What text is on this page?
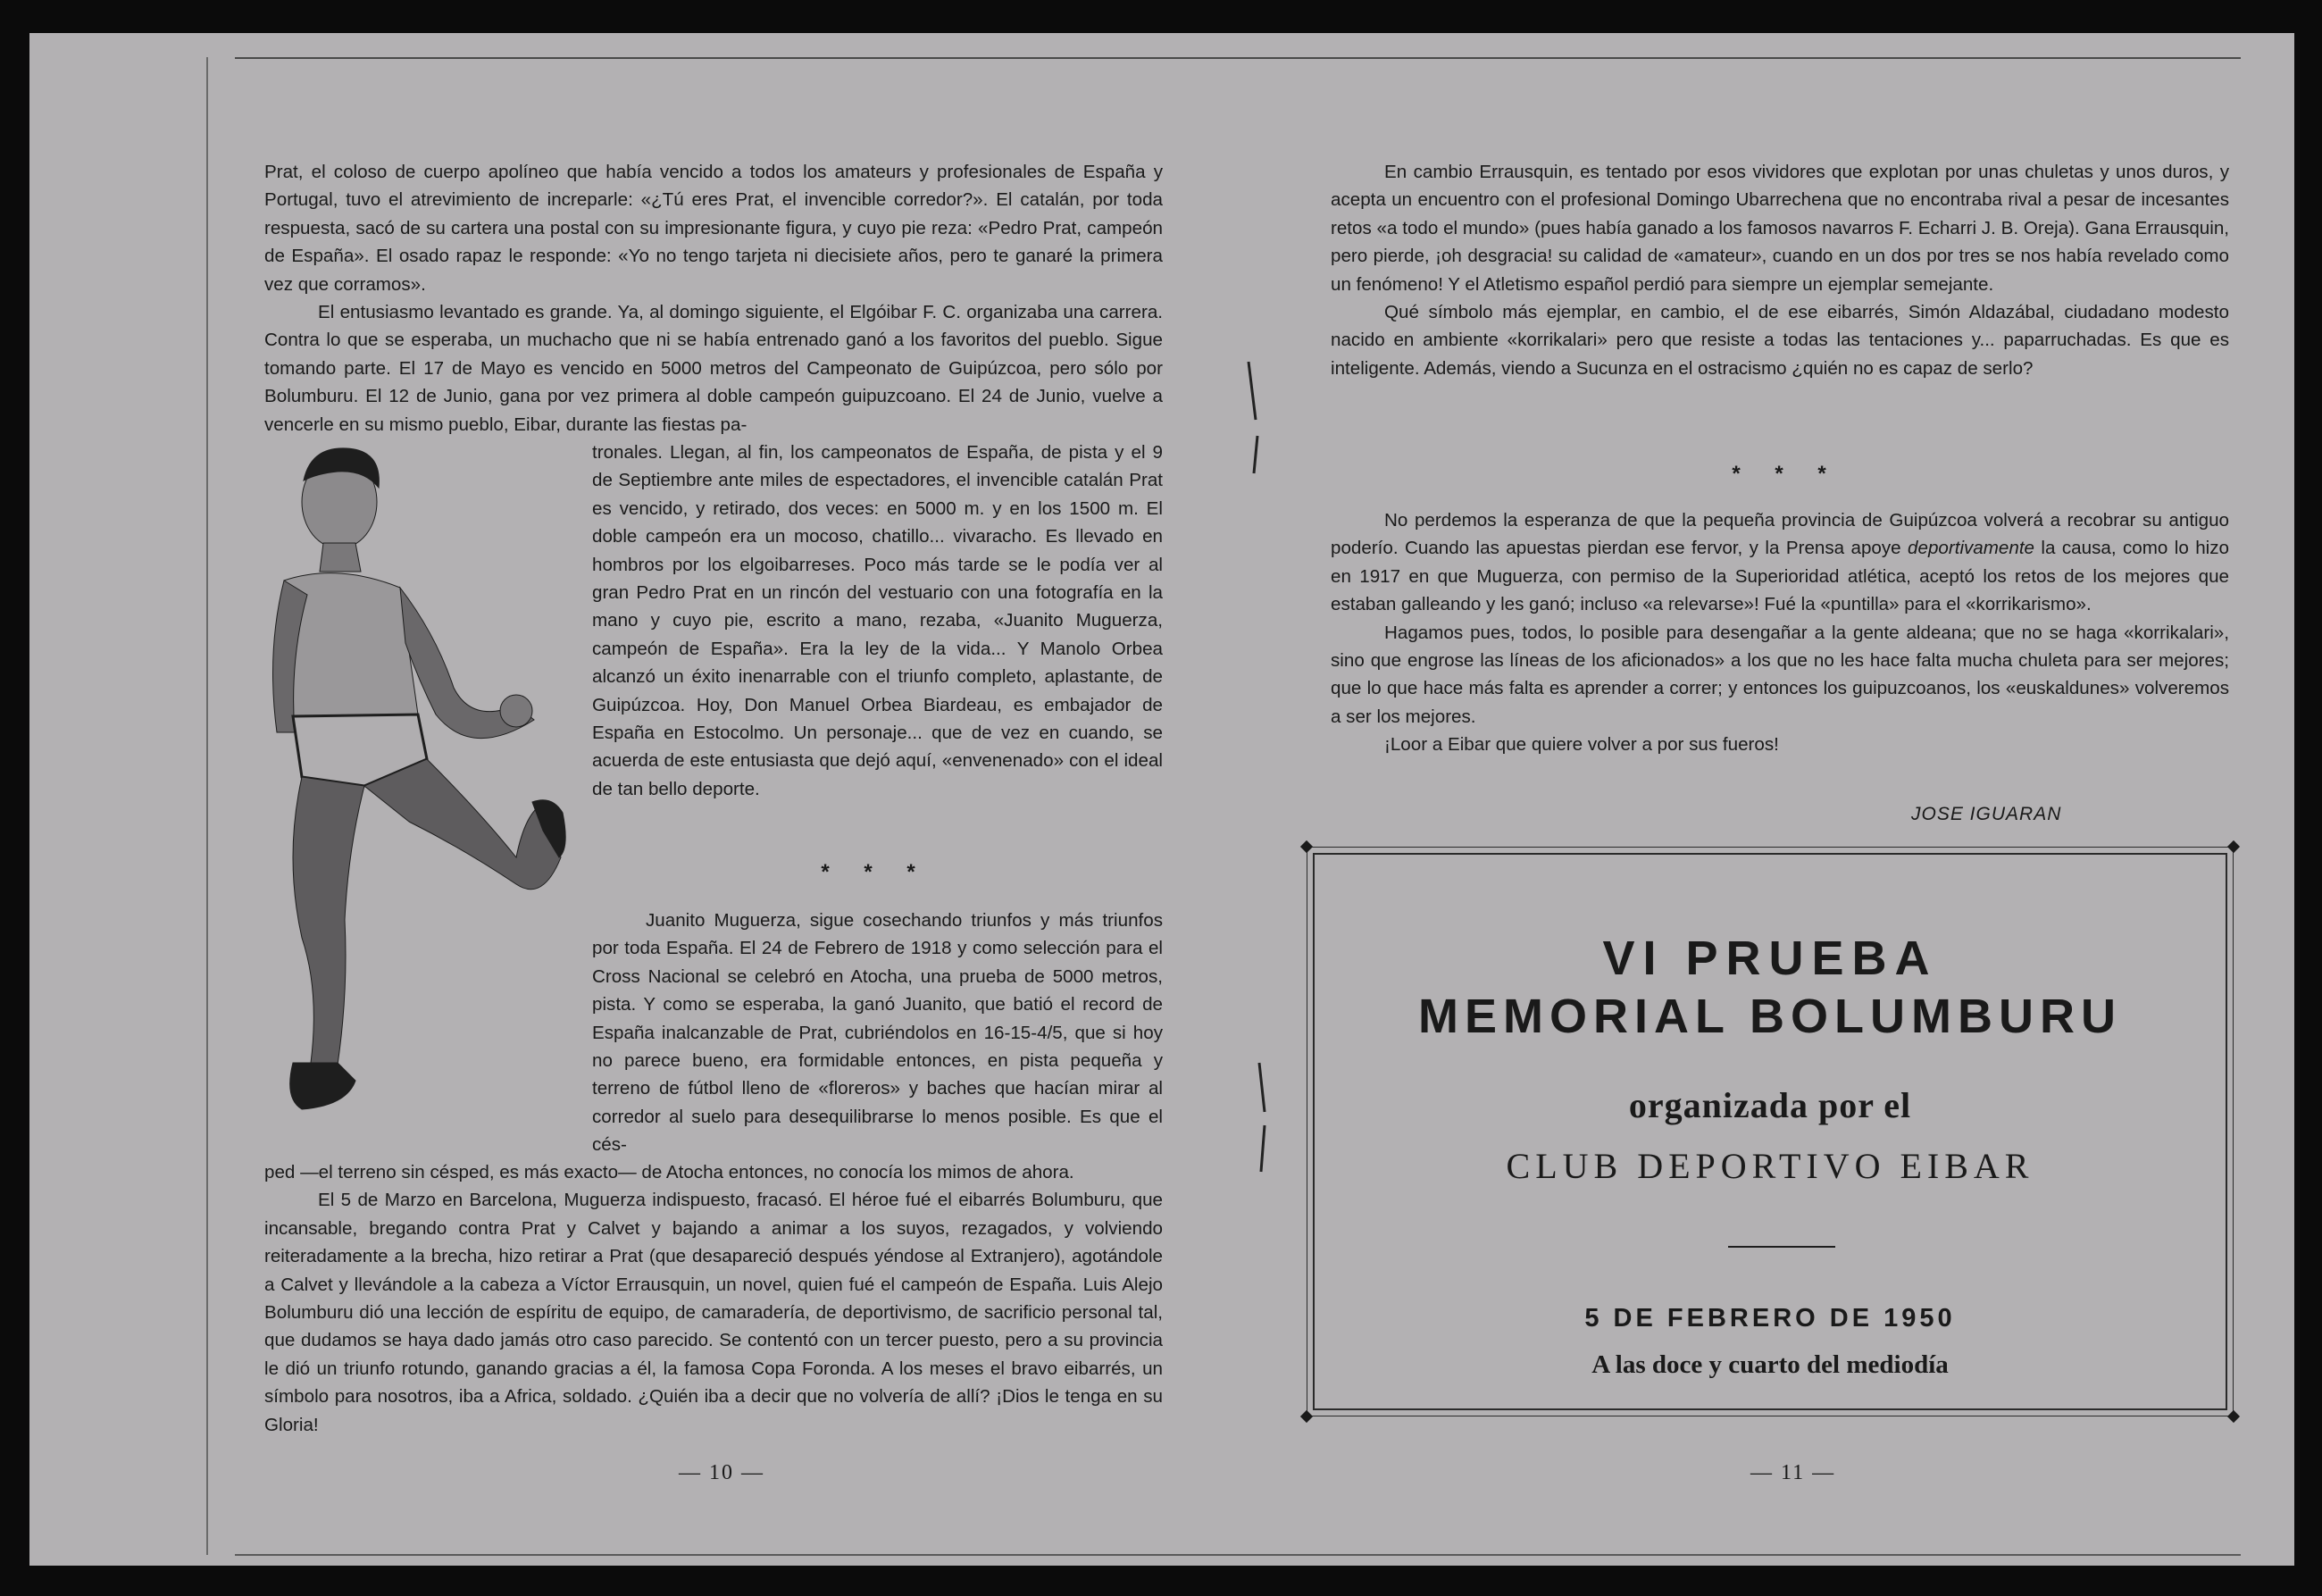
Prat, el coloso de cuerpo apolíneo que había vencido a todos los amateurs y profesionales de España y Portugal, tuvo el atrevimiento de increparle: «¿Tú eres Prat, el invencible corredor?». El catalán, por toda respuesta, sacó de su cartera una postal con su impresionante figura, y cuyo pie reza: «Pedro Prat, campeón de España». El osado rapaz le responde: «Yo no tengo tarjeta ni diecisiete años, pero te ganaré la primera vez que corramos».

El entusiasmo levantado es grande. Ya, al domingo siguiente, el Elgóibar F. C. organizaba una carrera. Contra lo que se esperaba, un muchacho que ni se había entrenado ganó a los favoritos del pueblo. Sigue tomando parte. El 17 de Mayo es vencido en 5000 metros del Campeonato de Guipúzcoa, pero sólo por Bolumburu. El 12 de Junio, gana por vez primera al doble campeón guipuzcoano. El 24 de Junio, vuelve a vencerle en su mismo pueblo, Eibar, durante las fiestas pa-

tronales. Llegan, al fin, los campeonatos de España, de pista y el 9 de Septiembre ante miles de espectadores, el invencible catalán Prat es vencido, y retirado, dos veces: en 5000 m. y en los 1500 m. El doble campeón era un mocoso, chatillo... vivaracho. Es llevado en hombros por los elgoibarreses. Poco más tarde se le podía ver al gran Pedro Prat en un rincón del vestuario con una fotografía en la mano y cuyo pie, escrito a mano, rezaba, «Juanito Muguerza, campeón de España». Era la ley de la vida... Y Manolo Orbea alcanzó un éxito inenarrable con el triunfo completo, aplastante, de Guipúzcoa. Hoy, Don Manuel Orbea Biardeau, es embajador de España en Estocolmo. Un personaje... que de vez en cuando, se acuerda de este entusiasta que dejó aquí, «envenenado» con el ideal de tan bello deporte.

* * *

Juanito Muguerza, sigue cosechando triunfos y más triunfos por toda España. El 24 de Febrero de 1918 y como selección para el Cross Nacional se celebró en Atocha, una prueba de 5000 metros, pista. Y como se esperaba, la ganó Juanito, que batió el record de España inalcanzable de Prat, cubriéndolos en 16-15-4/5, que si hoy no parece bueno, era formidable entonces, en pista pequeña y terreno de fútbol lleno de «floreros» y baches que hacían mirar al corredor al suelo para desequilibrarse lo menos posible. Es que el cés-

ped —el terreno sin césped, es más exacto— de Atocha entonces, no conocía los mimos de ahora.

El 5 de Marzo en Barcelona, Muguerza indispuesto, fracasó. El héroe fué el eibarrés Bolumburu, que incansable, bregando contra Prat y Calvet y bajando a animar a los suyos, rezagados, y volviendo reiteradamente a la brecha, hizo retirar a Prat (que desapareció después yéndose al Extranjero), agotándole a Calvet y llevándole a la cabeza a Víctor Errausquin, un novel, quien fué el campeón de España. Luis Alejo Bolumburu dió una lección de espíritu de equipo, de camaradería, de deportivismo, de sacrificio personal tal, que dudamos se haya dado jamás otro caso parecido. Se contentó con un tercer puesto, pero a su provincia le dió un triunfo rotundo, ganando gracias a él, la famosa Copa Foronda. A los meses el bravo eibarrés, un símbolo para nosotros, iba a Africa, soldado. ¿Quién iba a decir que no volvería de allí? ¡Dios le tenga en su Gloria!

— 10 —

En cambio Errausquin, es tentado por esos vividores que explotan por unas chuletas y unos duros, y acepta un encuentro con el profesional Domingo Ubarrechena que no encontraba rival a pesar de incesantes retos «a todo el mundo» (pues había ganado a los famosos navarros F. Echarri J. B. Oreja). Gana Errausquin, pero pierde, ¡oh desgracia! su calidad de «amateur», cuando en un dos por tres se nos había revelado como un fenómeno! Y el Atletismo español perdió para siempre un ejemplar semejante.

Qué símbolo más ejemplar, en cambio, el de ese eibarrés, Simón Aldazábal, ciudadano modesto nacido en ambiente «korrikalari» pero que resiste a todas las tentaciones y... paparruchadas. Es que es inteligente. Además, viendo a Sucunza en el ostracismo ¿quién no es capaz de serlo?

* * *

No perdemos la esperanza de que la pequeña provincia de Guipúzcoa volverá a recobrar su antiguo poderío. Cuando las apuestas pierdan ese fervor, y la Prensa apoye deportivamente la causa, como lo hizo en 1917 en que Muguerza, con permiso de la Superioridad atlética, aceptó los retos de los mejores que estaban galleando y les ganó; incluso «a relevarse»! Fué la «puntilla» para el «korrikarismo».

Hagamos pues, todos, lo posible para desengañar a la gente aldeana; que no se haga «korrikalari», sino que engrose las líneas de los aficionados» a los que no les hace falta mucha chuleta para ser mejores; que lo que hace más falta es aprender a correr; y entonces los guipuzcoanos, los «euskaldunes» volveremos a ser los mejores.

¡Loor a Eibar que quiere volver a por sus fueros!

JOSE IGUARAN
VI PRUEBA
MEMORIAL BOLUMBURU
organizada por el
CLUB DEPORTIVO EIBAR
5 DE FEBRERO DE 1950
A las doce y cuarto del mediodía
— 11 —
